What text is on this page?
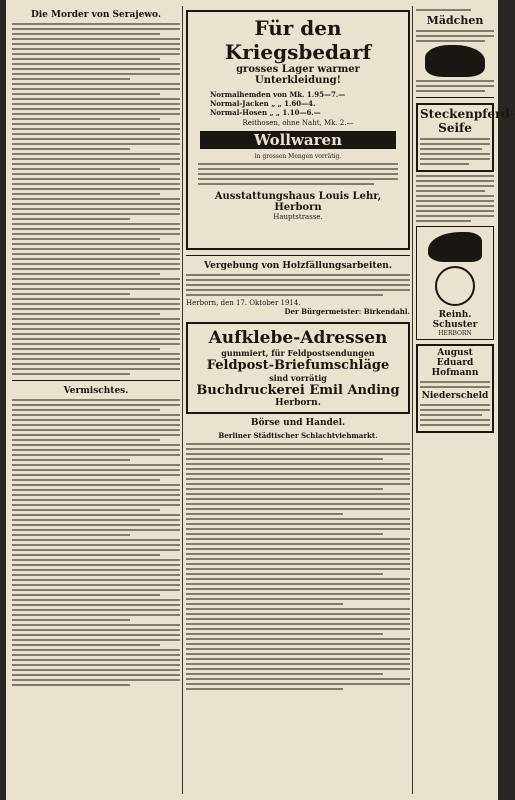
Die Morder von Serajewo.
Vermischtes.
Für den Kriegsbedarf
grosses Lager warmer Unterkleidung!
Normalhemden von Mk. 1.95—7.—
Normal-Jacken „ „ 1.60—4.
Normal-Hosen „ „ 1.10—6.—
Reithosen, ohne Naht, Mk. 2.—
Wollwaren
in grossen Mengen vorrätig.
Ausstattungshaus Louis Lehr, Herborn
Hauptstrasse.
Vergebung von Holzfällungsarbeiten.
Herborn, den 17. Oktober 1914.
Der Bürgermeister: Birkendahl.
Aufklebe-Adressen
gummiert, für Feldpostsendungen
Feldpost-Briefumschläge
sind vorrätig
Buchdruckerei Emil Anding
Herborn.
Börse und Handel.
Berliner Städtischer Schlachtviehmarkt.
Mädchen
Steckenpferd-Seife
Reinh. Schuster
HERBORN
August Eduard Hofmann
Niederscheld
